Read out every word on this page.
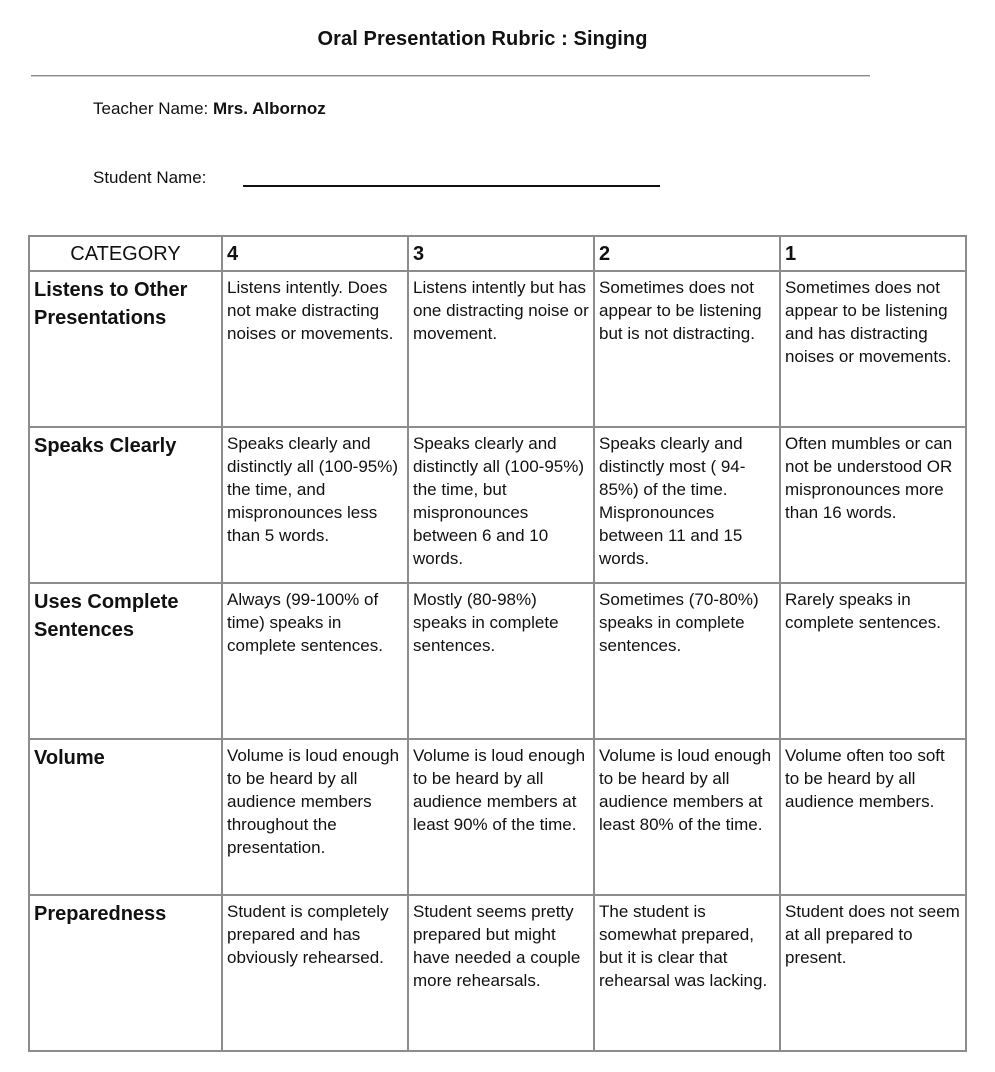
Oral Presentation Rubric : Singing
Teacher Name: Mrs. Albornoz
Student Name:
CATEGORY	4	3	2	1
Listens to Other Presentations	Listens intently. Does not make distracting noises or movements.	Listens intently but has one distracting noise or movement.	Sometimes does not appear to be listening but is not distracting.	Sometimes does not appear to be listening and has distracting noises or movements.
Speaks Clearly	Speaks clearly and distinctly all (100-95%) the time, and mispronounces less than 5 words.	Speaks clearly and distinctly all (100-95%) the time, but mispronounces between 6 and 10 words.	Speaks clearly and distinctly most ( 94-85%) of the time. Mispronounces between 11 and 15 words.	Often mumbles or can not be understood OR mispronounces more than 16 words.
Uses Complete Sentences	Always (99-100% of time) speaks in complete sentences.	Mostly (80-98%) speaks in complete sentences.	Sometimes (70-80%) speaks in complete sentences.	Rarely speaks in complete sentences.
Volume	Volume is loud enough to be heard by all audience members throughout the presentation.	Volume is loud enough to be heard by all audience members at least 90% of the time.	Volume is loud enough to be heard by all audience members at least 80% of the time.	Volume often too soft to be heard by all audience members.
Preparedness	Student is completely prepared and has obviously rehearsed.	Student seems pretty prepared but might have needed a couple more rehearsals.	The student is somewhat prepared, but it is clear that rehearsal was lacking.	Student does not seem at all prepared to present.
